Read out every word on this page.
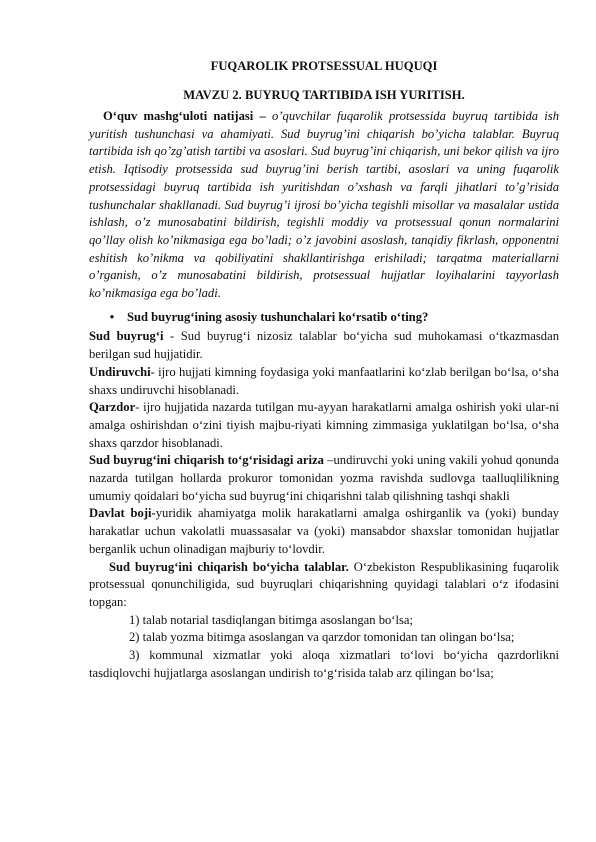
FUQAROLIK PROTSESSUAL HUQUQI
MAVZU 2. BUYRUQ TARTIBIDA ISH YURITISH.

O‘quv mashg‘uloti natijasi – o’quvchilar fuqarolik protsessida buyruq tartibida ish yuritish tushunchasi va ahamiyati. Sud buyrug’ini chiqarish bo’yicha talablar. Buyruq tartibida ish qo’zg’atish tartibi va asoslari. Sud buyrug’ini chiqarish, uni bekor qilish va ijro etish. Iqtisodiy protsessida sud buyrug’ini berish tartibi, asoslari va uning fuqarolik protsessidagi buyruq tartibida ish yuritishdan o’xshash va farqli jihatlari to’g’risida tushunchalar shakllanadi. Sud buyrug’i ijrosi bo’yicha tegishli misollar va masalalar ustida ishlash, o’z munosabatini bildirish, tegishli moddiy va protsessual qonun normalarini qo’llay olish ko’nikmasiga ega bo’ladi; o’z javobini asoslash, tanqidiy fikrlash, opponentni eshitish ko’nikma va qobiliyatini shakllantirishga erishiladi; tarqatma materiallarni o’rganish, o’z munosabatini bildirish, protsessual hujjatlar loyihalarini tayyorlash ko’nikmasiga ega bo’ladi.

•	Sud buyrug‘ining asosiy tushunchalari ko‘rsatib o‘ting?

Sud buyrug‘i - Sud buyrug‘i nizosiz talablar bo‘yicha sud muhokamasi o‘tkazmasdan berilgan sud hujjatidir.

Undiruvchi- ijro hujjati kimning foydasiga yoki manfaatlarini ko‘zlab berilgan bo‘lsa, o‘sha shaxs undiruvchi hisoblanadi.

Qarzdor- ijro hujjatida nazarda tutilgan mu-ayyan harakatlarni amalga oshirish yoki ular-ni amalga oshirishdan o‘zini tiyish majbu-riyati kimning zimmasiga yuklatilgan bo‘lsa, o‘sha shaxs qarzdor hisoblanadi.

Sud buyrug‘ini chiqarish to‘g‘risidagi ariza –undiruvchi yoki uning vakili yohud qonunda nazarda tutilgan hollarda prokuror tomonidan yozma ravishda sudlovga taalluqlilikning umumiy qoidalari bo‘yicha sud buyrug‘ini chiqarishni talab qilishning tashqi shakli

Davlat boji-yuridik ahamiyatga molik harakatlarni amalga oshirganlik va (yoki) bunday harakatlar uchun vakolatli muassasalar va (yoki) mansabdor shaxslar tomonidan hujjatlar berganlik uchun olinadigan majburiy to‘lovdir.

Sud buyrug‘ini chiqarish bo‘yicha talablar. O‘zbekiston Respublikasining fuqarolik protsessual qonunchiligida, sud buyruqlari chiqarishning quyidagi talablari o‘z ifodasini topgan:

1) talab notarial tasdiqlangan bitimga asoslangan bo‘lsa;

2) talab yozma bitimga asoslangan va qarzdor tomonidan tan olingan bo‘lsa;

3) kommunal xizmatlar yoki aloqa xizmatlari to‘lovi bo‘yicha qazrdorlikni tasdiqlovchi hujjatlarga asoslangan undirish to‘g‘risida talab arz qilingan bo‘lsa;
